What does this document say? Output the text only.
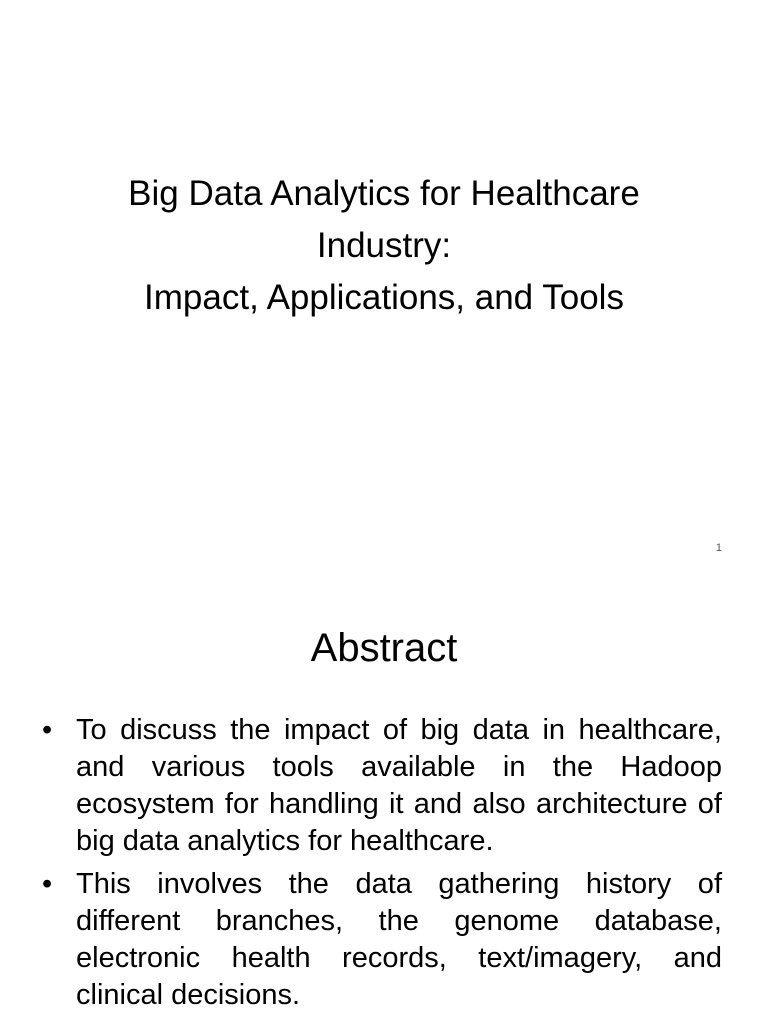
Big Data Analytics for Healthcare
Industry:
Impact, Applications, and Tools
1
Abstract
• To discuss the impact of big data in healthcare, and various tools available in the Hadoop ecosystem for handling it and also architecture of big data analytics for healthcare.
• This involves the data gathering history of different branches, the genome database, electronic health records, text/imagery, and clinical decisions.
